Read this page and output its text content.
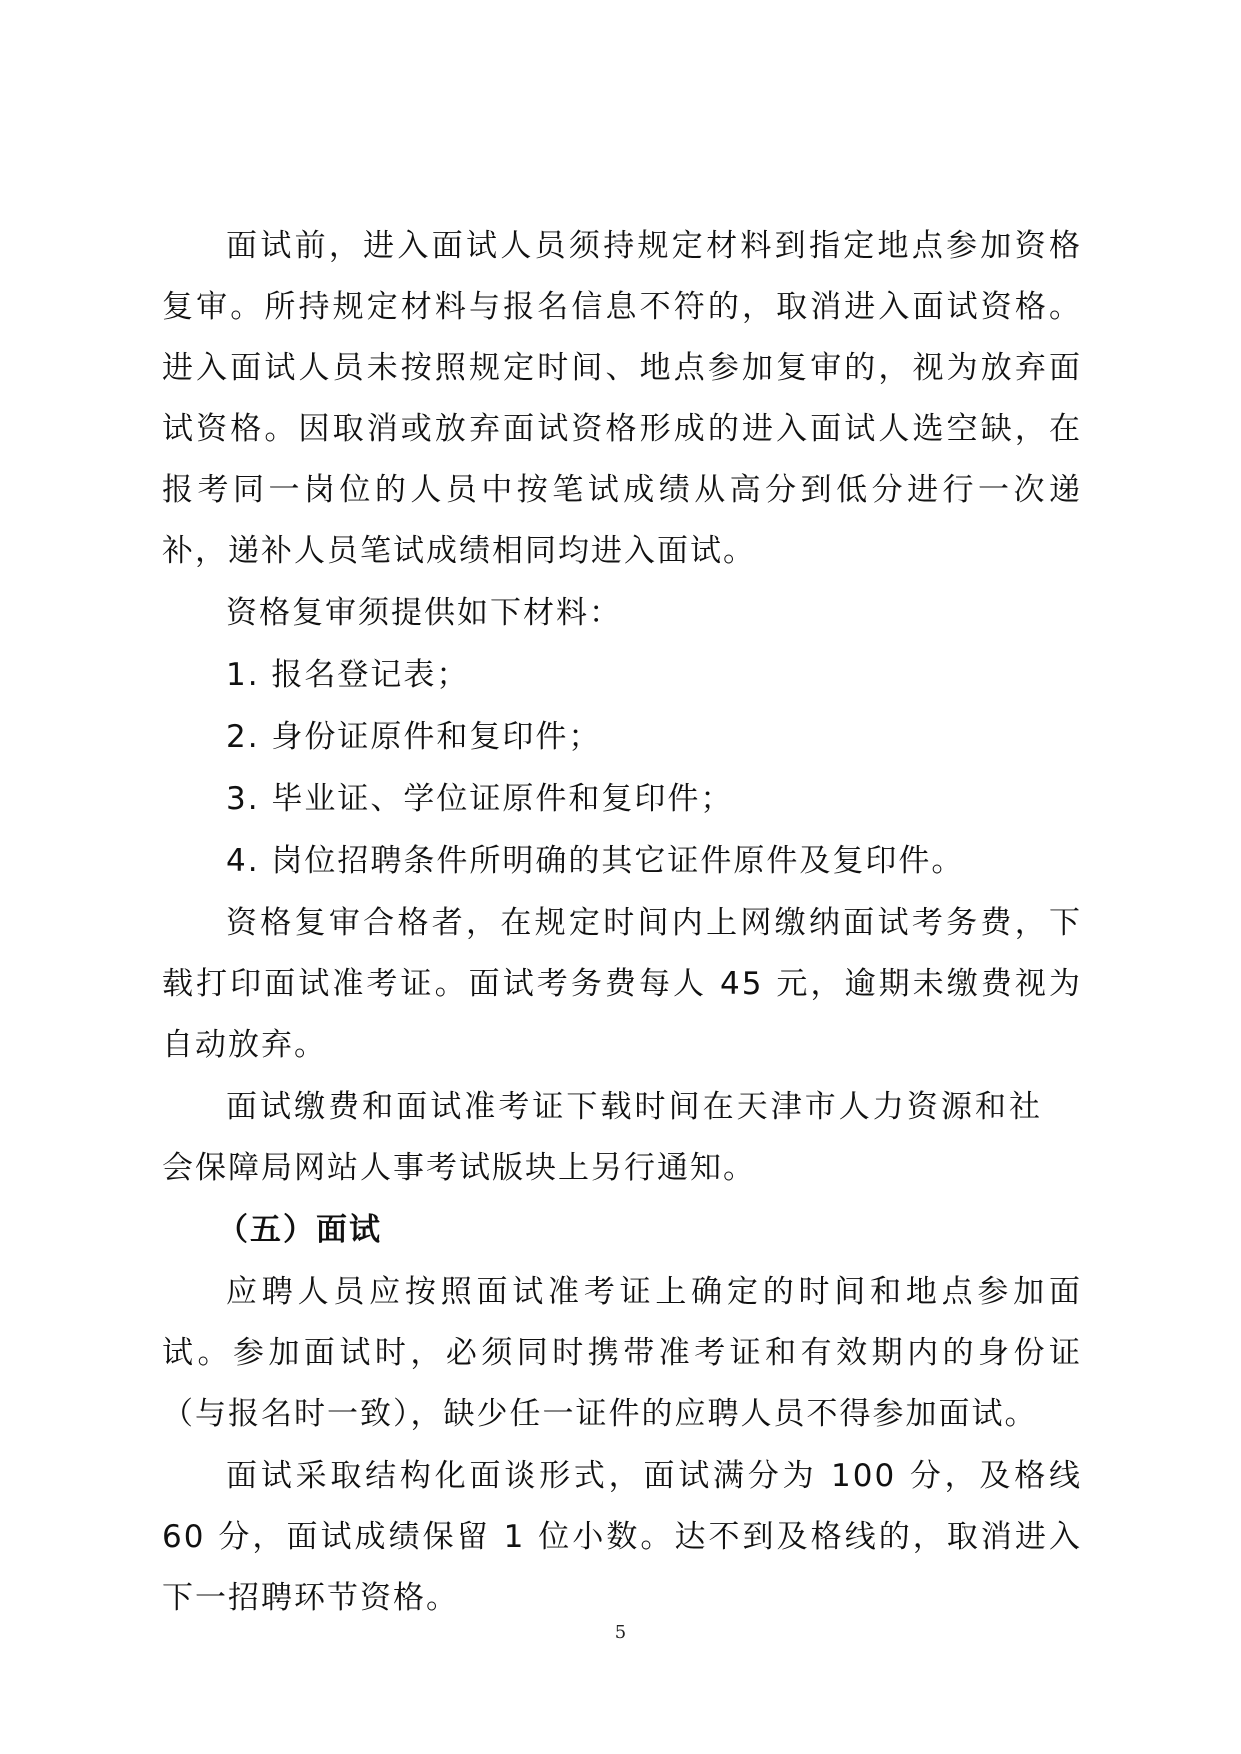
面试前，进入面试人员须持规定材料到指定地点参加资格复审。所持规定材料与报名信息不符的，取消进入面试资格。进入面试人员未按照规定时间、地点参加复审的，视为放弃面试资格。因取消或放弃面试资格形成的进入面试人选空缺，在报考同一岗位的人员中按笔试成绩从高分到低分进行一次递补，递补人员笔试成绩相同均进入面试。

资格复审须提供如下材料：

1. 报名登记表；

2. 身份证原件和复印件；

3. 毕业证、学位证原件和复印件；

4. 岗位招聘条件所明确的其它证件原件及复印件。

资格复审合格者，在规定时间内上网缴纳面试考务费，下载打印面试准考证。面试考务费每人 45 元，逾期未缴费视为自动放弃。

面试缴费和面试准考证下载时间在天津市人力资源和社会保障局网站人事考试版块上另行通知。

（五）面试

应聘人员应按照面试准考证上确定的时间和地点参加面试。参加面试时，必须同时携带准考证和有效期内的身份证（与报名时一致），缺少任一证件的应聘人员不得参加面试。

面试采取结构化面谈形式，面试满分为 100 分，及格线 60 分，面试成绩保留 1 位小数。达不到及格线的，取消进入下一招聘环节资格。

5
